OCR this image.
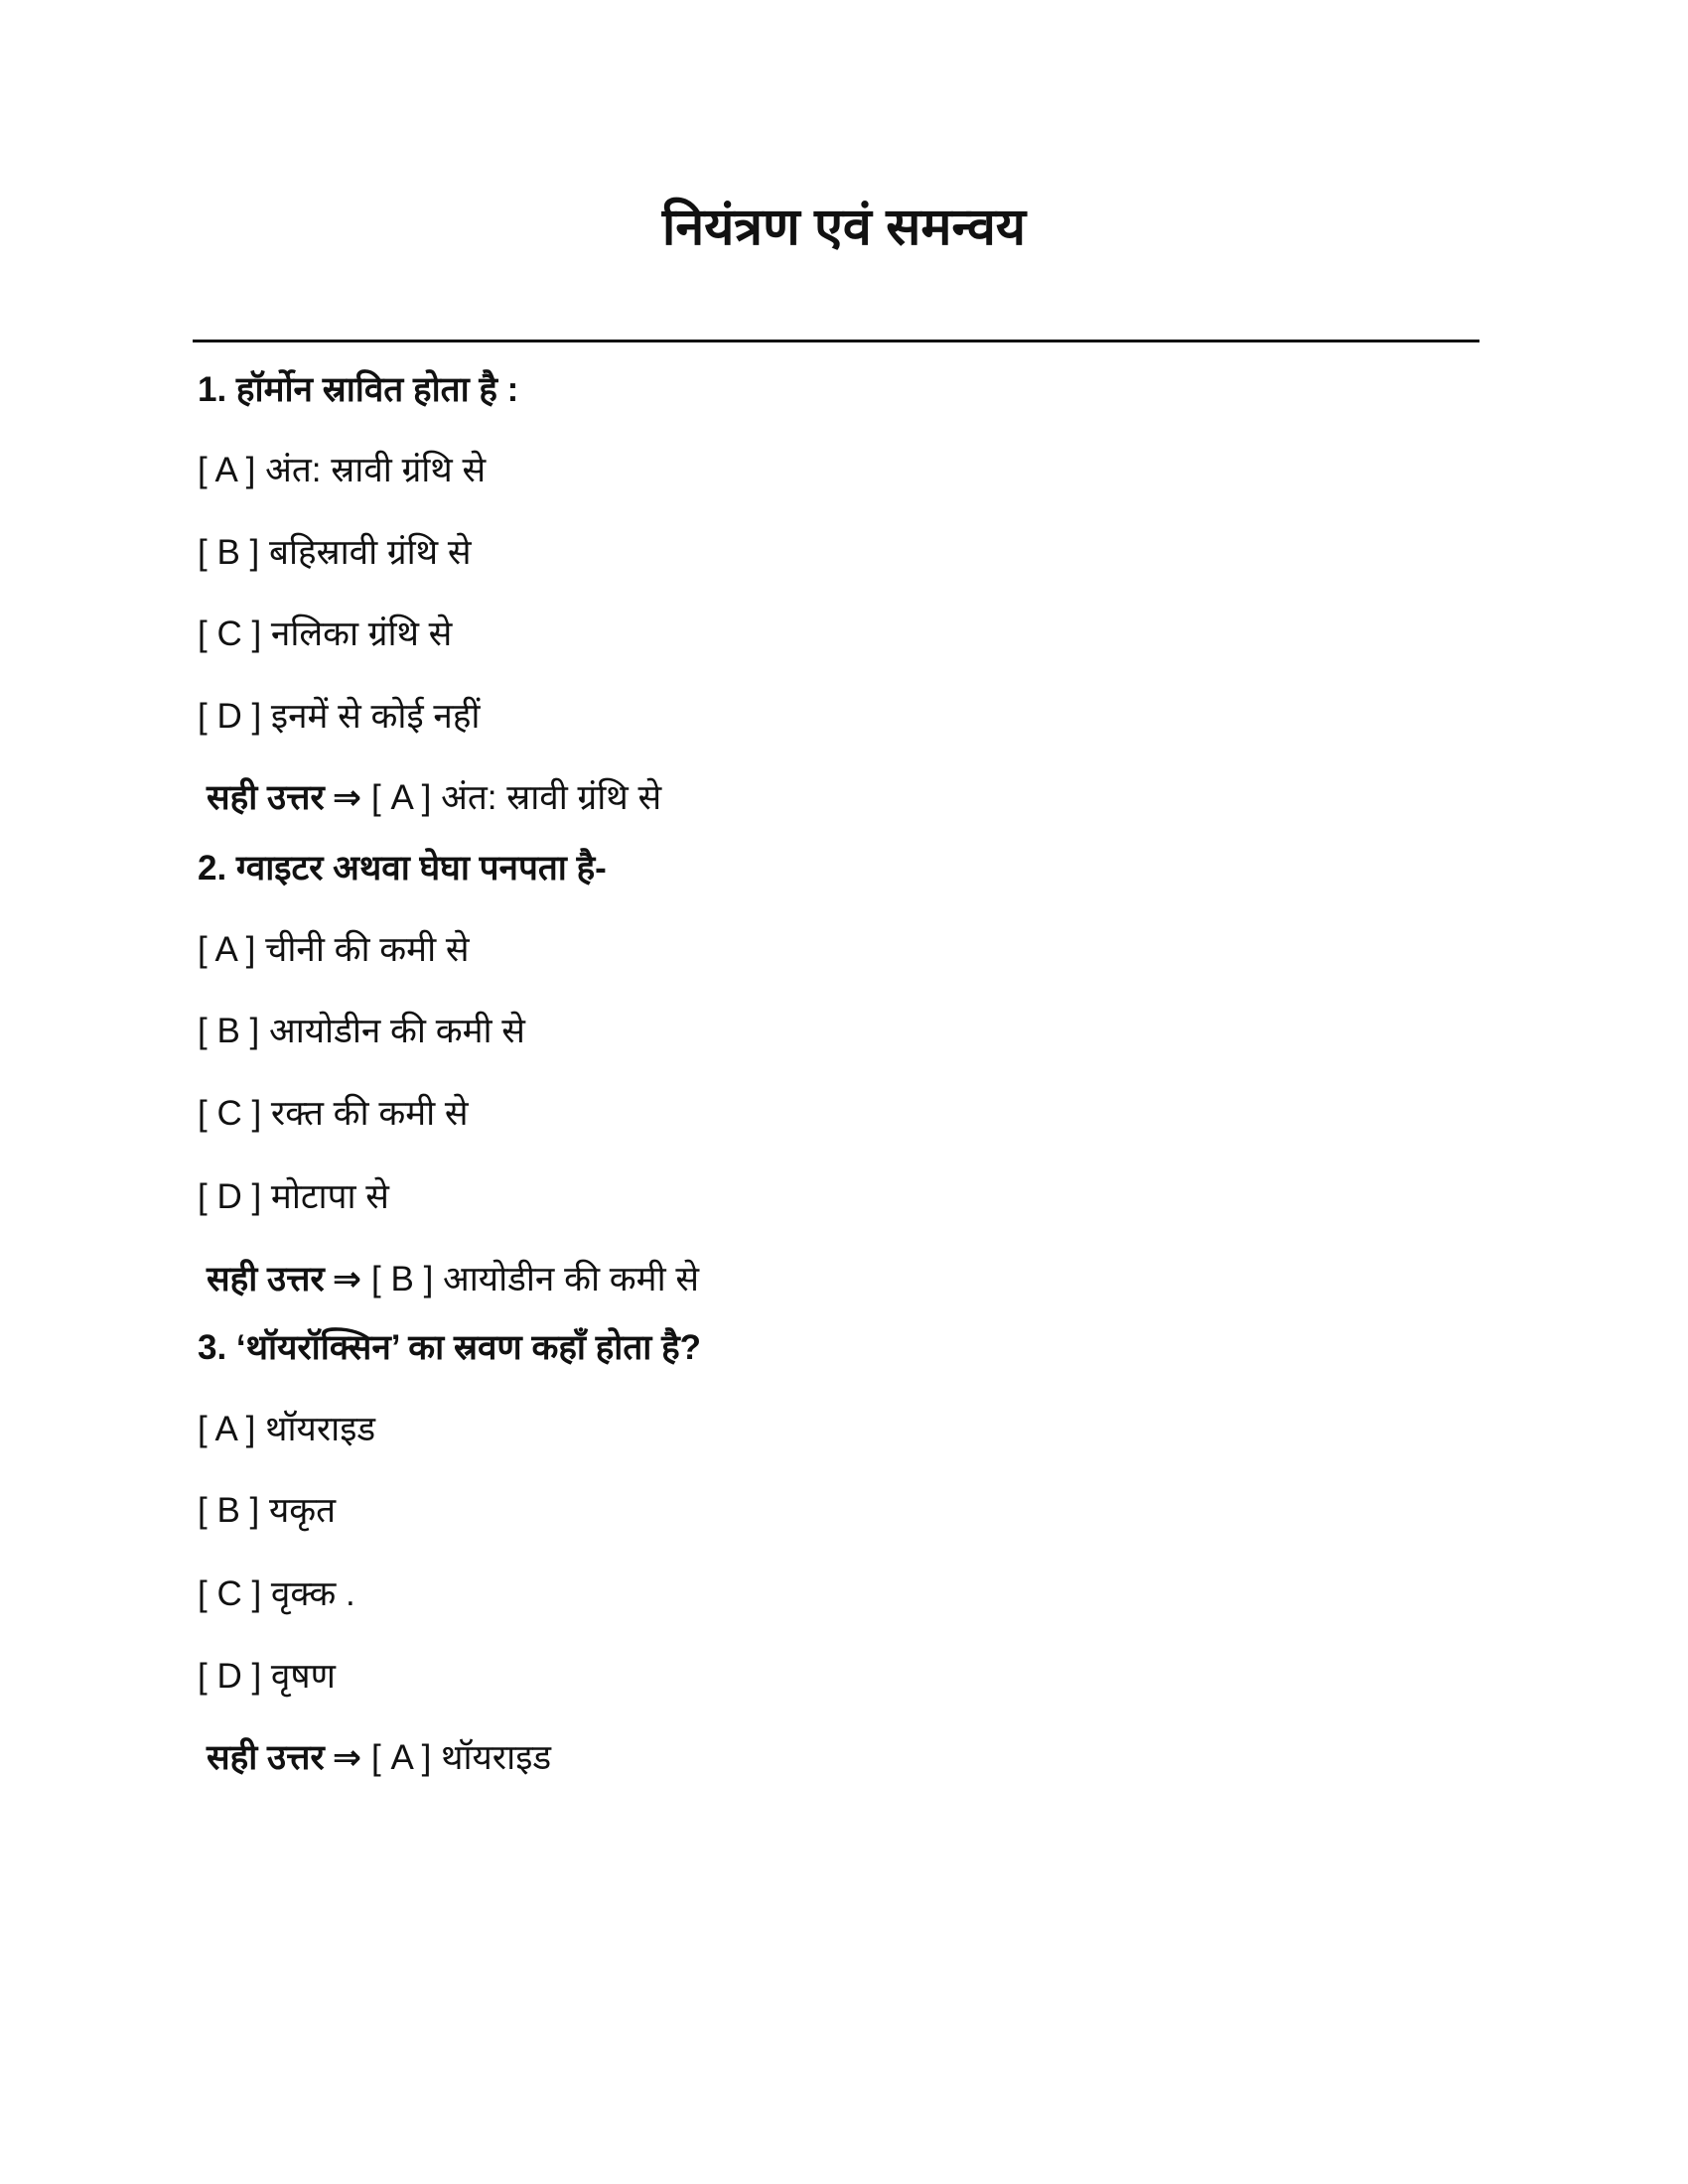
नियंत्रण एवं समन्वय
1. हॉर्मोन स्रावित होता है :
[ A ] अंत: स्रावी ग्रंथि से
[ B ] बहिस्रावी ग्रंथि से
[ C ] नलिका ग्रंथि से
[ D ] इनमें से कोई नहीं
सही उत्तर ⇒ [ A ] अंत: स्रावी ग्रंथि से
2. ग्वाइटर अथवा घेघा पनपता है-
[ A ] चीनी की कमी से
[ B ] आयोडीन की कमी से
[ C ] रक्त की कमी से
[ D ] मोटापा से
सही उत्तर ⇒ [ B ] आयोडीन की कमी से
3. ‘थॉयरॉक्सिन’ का स्रवण कहाँ होता है?
[ A ] थॉयराइड
[ B ] यकृत
[ C ] वृक्क .
[ D ] वृषण
सही उत्तर ⇒ [ A ] थॉयराइड
